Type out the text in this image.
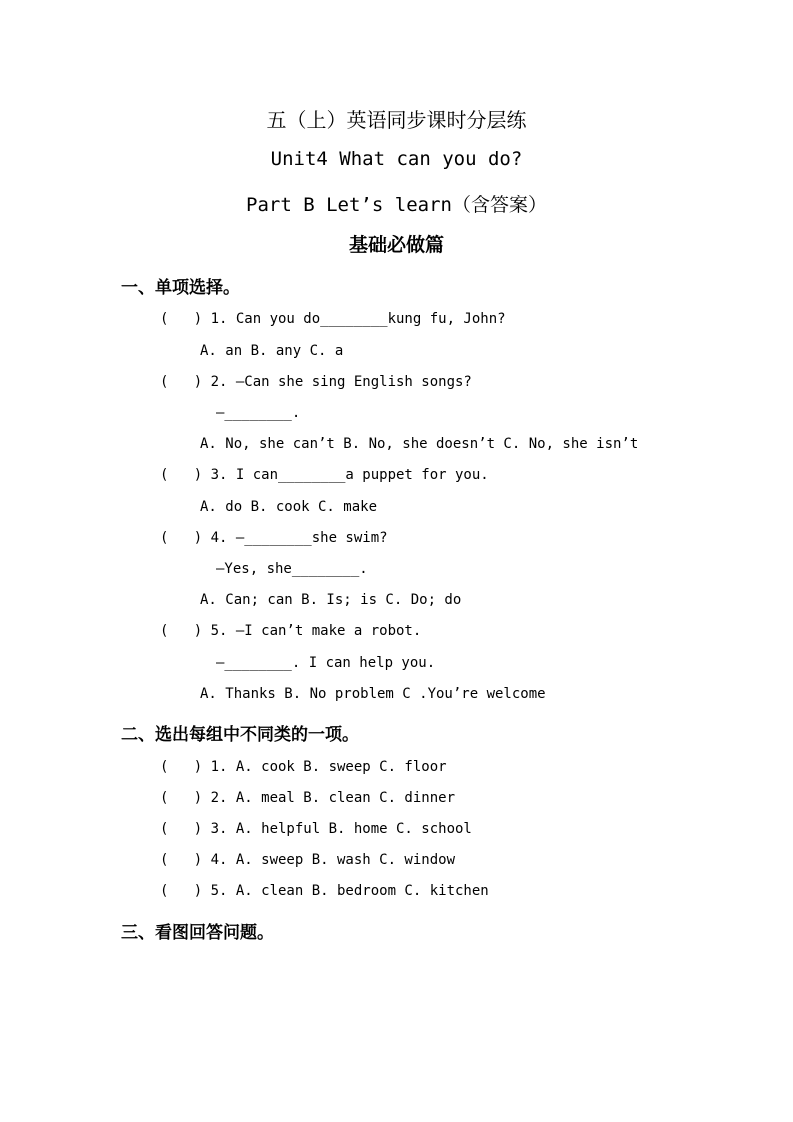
五（上）英语同步课时分层练
Unit4 What can you do?
Part B Let’s learn（含答案）
基础必做篇
一、单项选择。
(   ) 1. Can you do________kung fu, John?
A. an B. any C. a
(   ) 2. —Can she sing English songs?
—________.
A. No, she can’t B. No, she doesn’t C. No, she isn’t
(   ) 3. I can________a puppet for you.
A. do B. cook C. make
(   ) 4. —________she swim?
—Yes, she________.
A. Can; can B. Is; is C. Do; do
(   ) 5. —I can’t make a robot.
—________. I can help you.
A. Thanks B. No problem C .You’re welcome
二、选出每组中不同类的一项。
(   ) 1. A. cook B. sweep C. floor
(   ) 2. A. meal B. clean C. dinner
(   ) 3. A. helpful B. home C. school
(   ) 4. A. sweep B. wash C. window
(   ) 5. A. clean B. bedroom C. kitchen
三、看图回答问题。
